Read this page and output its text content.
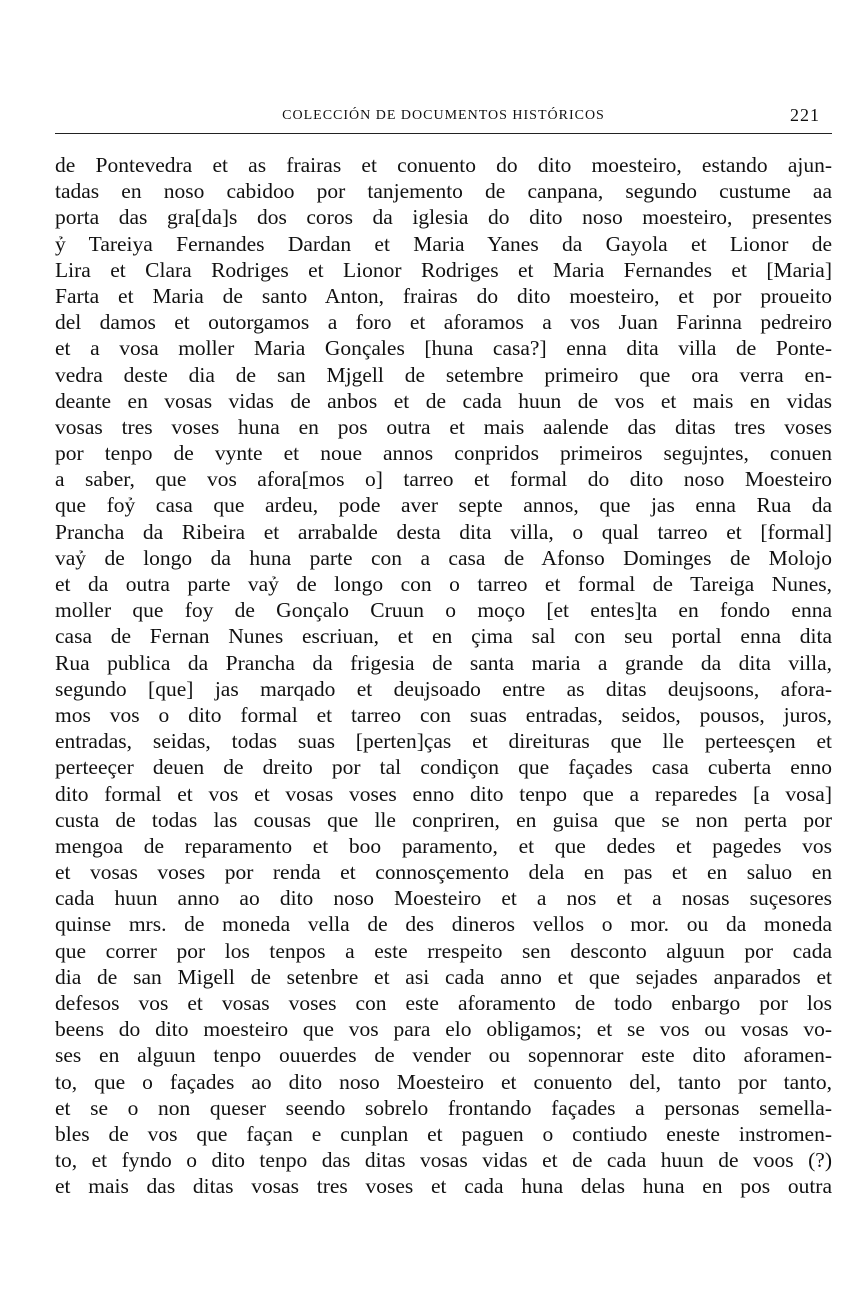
COLECCIÓN DE DOCUMENTOS HISTÓRICOS	221
de Pontevedra et as frairas et conuento do dito moesteiro, estando ajun-
tadas en noso cabidoo por tanjemento de canpana, segundo custume aa
porta das gra[da]s dos coros da iglesia do dito noso moesteiro, presentes
ỷ Tareiya Fernandes Dardan et Maria Yanes da Gayola et Lionor de
Lira et Clara Rodriges et Lionor Rodriges et Maria Fernandes et [Maria]
Farta et Maria de santo Anton, frairas do dito moesteiro, et por proueito
del damos et outorgamos a foro et aforamos a vos Juan Farinna pedreiro
et a vosa moller Maria Gonçales [huna casa?] enna dita villa de Ponte-
vedra deste dia de san Mjgell de setembre primeiro que ora verra en-
deante en vosas vidas de anbos et de cada huun de vos et mais en vidas
vosas tres voses huna en pos outra et mais aalende das ditas tres voses
por tenpo de vynte et noue annos conpridos primeiros segujntes, conuen
a saber, que vos afora[mos o] tarreo et formal do dito noso Moesteiro
que foỷ casa que ardeu, pode aver septe annos, que jas enna Rua da
Prancha da Ribeira et arrabalde desta dita villa, o qual tarreo et [formal]
vaỷ de longo da huna parte con a casa de Afonso Dominges de Molojo
et da outra parte vaỷ de longo con o tarreo et formal de Tareiga Nunes,
moller que foy de Gonçalo Cruun o moço [et entes]ta en fondo enna
casa de Fernan Nunes escriuan, et en çima sal con seu portal enna dita
Rua publica da Prancha da frigesia de santa maria a grande da dita villa,
segundo [que] jas marqado et deujsoado entre as ditas deujsoons, afora-
mos vos o dito formal et tarreo con suas entradas, seidos, pousos, juros,
entradas, seidas, todas suas [perten]ças et direituras que lle perteesçen et
perteeçer deuen de dreito por tal condiçon que façades casa cuberta enno
dito formal et vos et vosas voses enno dito tenpo que a reparedes [a vosa]
custa de todas las cousas que lle conpriren, en guisa que se non perta por
mengoa de reparamento et boo paramento, et que dedes et pagedes vos
et vosas voses por renda et connosçemento dela en pas et en saluo en
cada huun anno ao dito noso Moesteiro et a nos et a nosas suçesores
quinse mrs. de moneda vella de des dineros vellos o mor. ou da moneda
que correr por los tenpos a este rrespeito sen desconto alguun por cada
dia de san Migell de setenbre et asi cada anno et que sejades anparados et
defesos vos et vosas voses con este aforamento de todo enbargo por los
beens do dito moesteiro que vos para elo obligamos; et se vos ou vosas vo-
ses en alguun tenpo ouuerdes de vender ou sopennorar este dito aforamen-
to, que o façades ao dito noso Moesteiro et conuento del, tanto por tanto,
et se o non queser seendo sobrelo frontando façades a personas semella-
bles de vos que façan e cunplan et paguen o contiudo eneste instromen-
to, et fyndo o dito tenpo das ditas vosas vidas et de cada huun de voos (?)
et mais das ditas vosas tres voses et cada huna delas huna en pos outra
